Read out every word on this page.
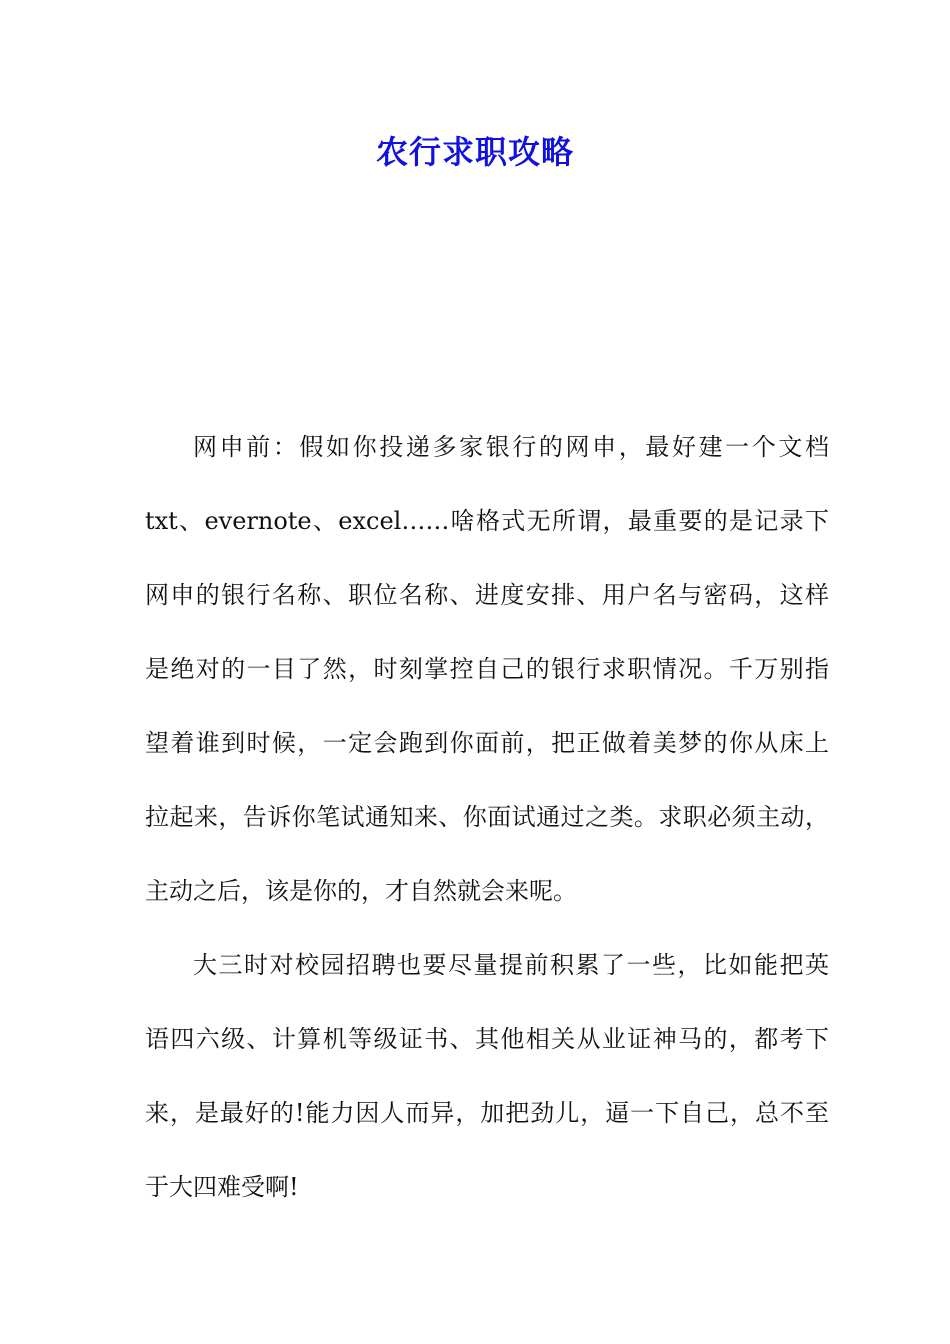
农行求职攻略

网申前：假如你投递多家银行的网申，最好建一个文档
txt、evernote、excel……啥格式无所谓，最重要的是记录下
网申的银行名称、职位名称、进度安排、用户名与密码，这样
是绝对的一目了然，时刻掌控自己的银行求职情况。千万别指
望着谁到时候，一定会跑到你面前，把正做着美梦的你从床上
拉起来，告诉你笔试通知来、你面试通过之类。求职必须主动，
主动之后，该是你的，才自然就会来呢。

大三时对校园招聘也要尽量提前积累了一些，比如能把英
语四六级、计算机等级证书、其他相关从业证神马的，都考下
来，是最好的!能力因人而异，加把劲儿，逼一下自己，总不至
于大四难受啊!
